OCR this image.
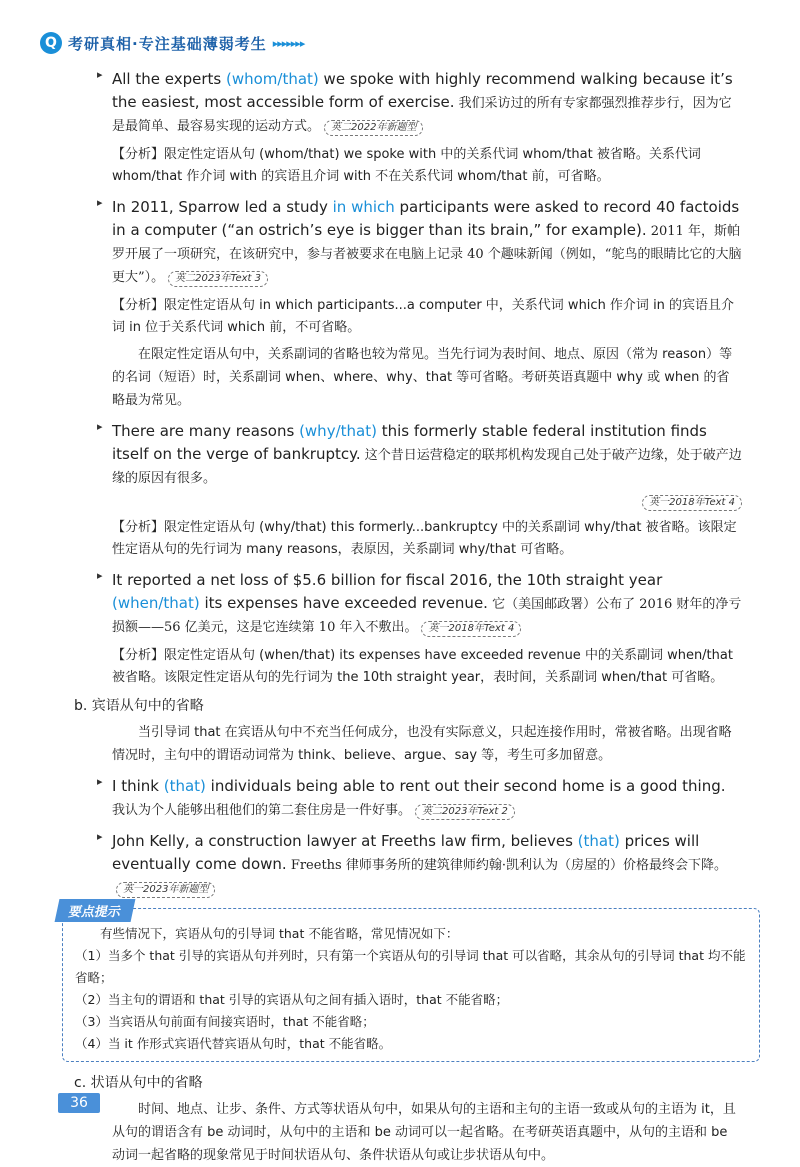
Q 考研真相·专注基础薄弱考生 ▸▸▸▸▸▸▸
▸ All the experts (whom/that) we spoke with highly recommend walking because it’s the easiest, most accessible form of exercise. 我们采访过的所有专家都强烈推荐步行，因为它是最简单、最容易实现的运动方式。 英二2022年新题型
【分析】限定性定语从句 (whom/that) we spoke with 中的关系代词 whom/that 被省略。关系代词 whom/that 作介词 with 的宾语且介词 with 不在关系代词 whom/that 前，可省略。
▸ In 2011, Sparrow led a study in which participants were asked to record 40 factoids in a computer (“an ostrich’s eye is bigger than its brain,” for example). 2011 年，斯帕罗开展了一项研究，在该研究中，参与者被要求在电脑上记录 40 个趣味新闻（例如，“鸵鸟的眼睛比它的大脑更大”）。 英二2023年Text 3
【分析】限定性定语从句 in which participants...a computer 中，关系代词 which 作介词 in 的宾语且介词 in 位于关系代词 which 前，不可省略。
在限定性定语从句中，关系副词的省略也较为常见。当先行词为表时间、地点、原因（常为 reason）等的名词（短语）时，关系副词 when、where、why、that 等可省略。考研英语真题中 why 或 when 的省略最为常见。
▸ There are many reasons (why/that) this formerly stable federal institution finds itself on the verge of bankruptcy. 这个昔日运营稳定的联邦机构发现自己处于破产边缘，处于破产边缘的原因有很多。
英一2018年Text 4
【分析】限定性定语从句 (why/that) this formerly...bankruptcy 中的关系副词 why/that 被省略。该限定性定语从句的先行词为 many reasons，表原因，关系副词 why/that 可省略。
▸ It reported a net loss of $5.6 billion for fiscal 2016, the 10th straight year (when/that) its expenses have exceeded revenue. 它（美国邮政署）公布了 2016 财年的净亏损额——56 亿美元，这是它连续第 10 年入不敷出。 英一2018年Text 4
【分析】限定性定语从句 (when/that) its expenses have exceeded revenue 中的关系副词 when/that 被省略。该限定性定语从句的先行词为 the 10th straight year，表时间，关系副词 when/that 可省略。
b. 宾语从句中的省略
当引导词 that 在宾语从句中不充当任何成分，也没有实际意义，只起连接作用时，常被省略。出现省略情况时，主句中的谓语动词常为 think、believe、argue、say 等，考生可多加留意。
▸ I think (that) individuals being able to rent out their second home is a good thing. 我认为个人能够出租他们的第二套住房是一件好事。 英二2023年Text 2
▸ John Kelly, a construction lawyer at Freeths law firm, believes (that) prices will eventually come down. Freeths 律师事务所的建筑律师约翰·凯利认为（房屋的）价格最终会下降。英一2023年新题型
要点提示

有些情况下，宾语从句的引导词 that 不能省略，常见情况如下：

（1）当多个 that 引导的宾语从句并列时，只有第一个宾语从句的引导词 that 可以省略，其余从句的引导词 that 均不能省略；

（2）当主句的谓语和 that 引导的宾语从句之间有插入语时，that 不能省略；

（3）当宾语从句前面有间接宾语时，that 不能省略；

（4）当 it 作形式宾语代替宾语从句时，that 不能省略。

c. 状语从句中的省略
时间、地点、让步、条件、方式等状语从句中，如果从句的主语和主句的主语一致或从句的主语为 it，且从句的谓语含有 be 动词时，从句中的主语和 be 动词可以一起省略。在考研英语真题中，从句的主语和 be 动词一起省略的现象常见于时间状语从句、条件状语从句或让步状语从句中。
36
